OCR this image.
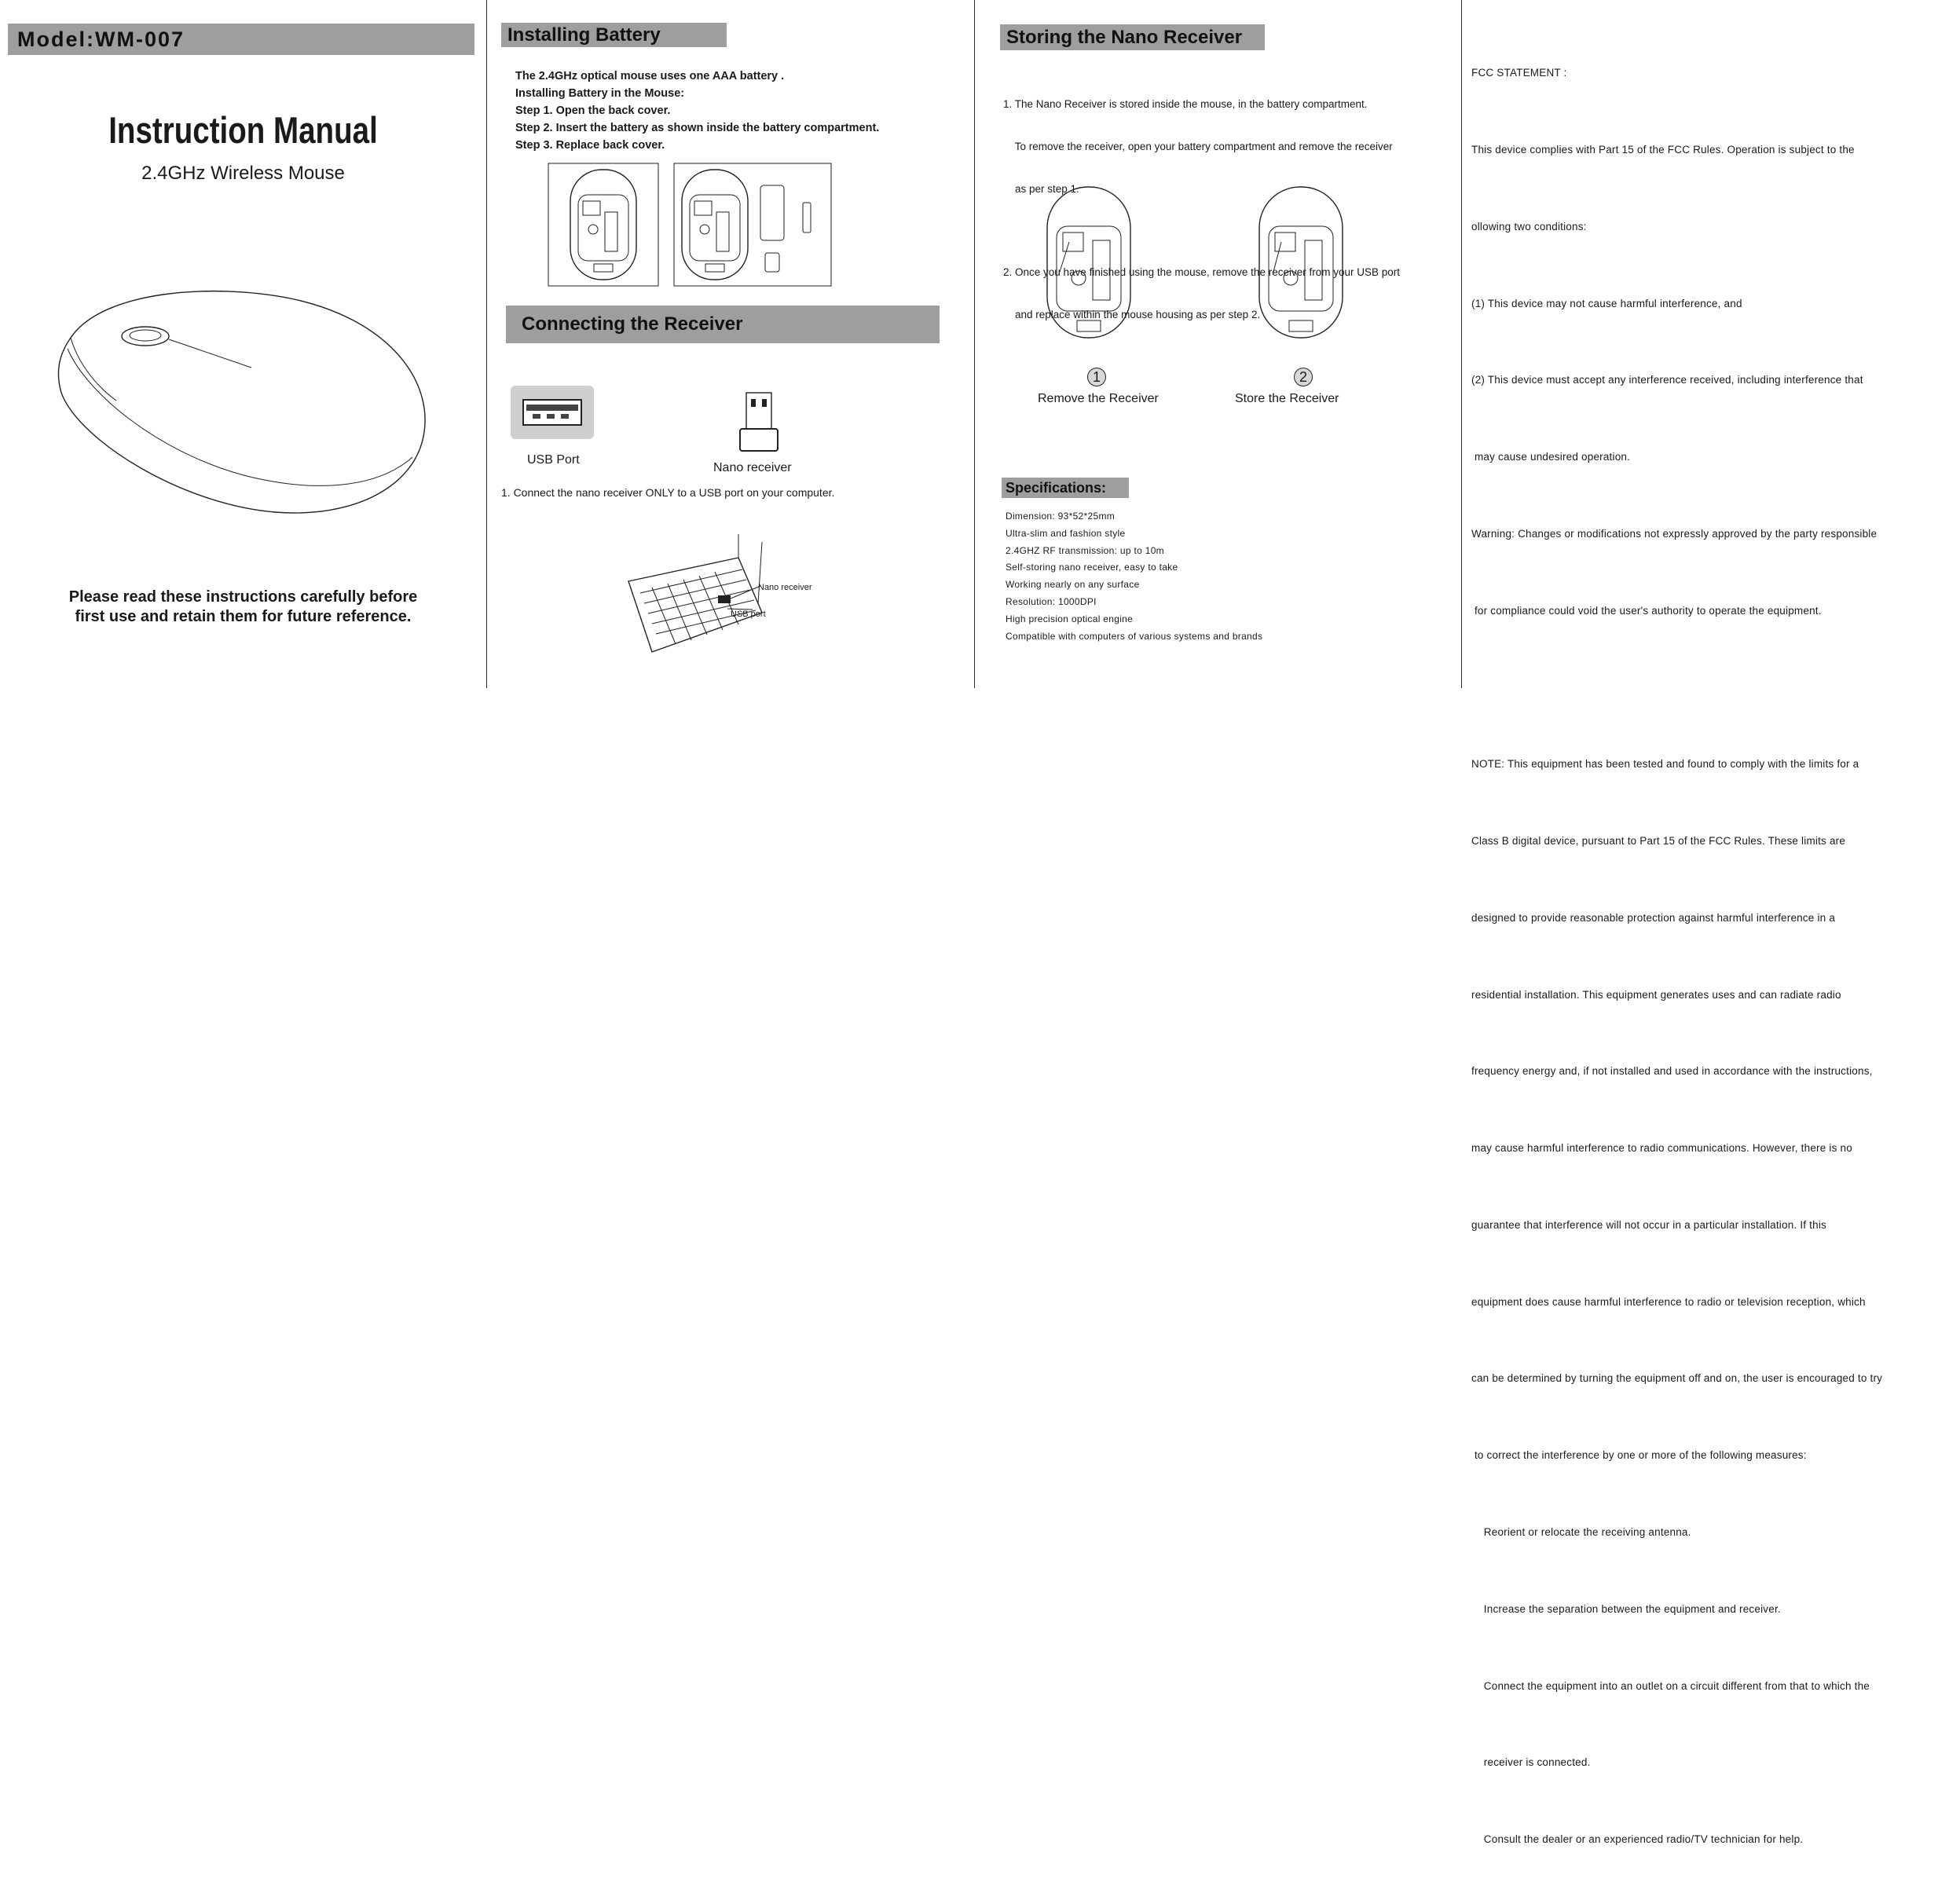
Model:WM-007
Instruction Manual
2.4GHz Wireless Mouse
Please read these instructions carefully before
first use and retain them for future reference.
Installing Battery
The 2.4GHz optical mouse uses one AAA battery .
Installing Battery in the Mouse:
Step 1. Open the back cover.
Step 2. Insert the battery as shown inside the battery compartment.
Step 3. Replace back cover.
Connecting the Receiver
USB Port
Nano receiver
1. Connect the nano receiver ONLY to a USB port on your computer.
Nano receiver
USB port
Storing the Nano Receiver

1. The Nano Receiver is stored inside the mouse, in the battery compartment.

To remove the receiver, open your battery compartment and remove the receiver

as per step 1.

2. Once you have finished using the mouse, remove the receiver from your USB port

and replace within the mouse housing as per step 2.

1
Remove the Receiver
2
Store the Receiver
Specifications:
Dimension: 93*52*25mm
Ultra-slim and fashion style
2.4GHZ RF transmission: up to 10m
Self-storing nano receiver, easy to take
Working nearly on any surface
Resolution: 1000DPI
High precision optical engine
Compatible with computers of various systems and brands

FCC STATEMENT :

This device complies with Part 15 of the FCC Rules. Operation is subject to the

ollowing two conditions:

(1) This device may not cause harmful interference, and

(2) This device must accept any interference received, including interference that

may cause undesired operation.

Warning: Changes or modifications not expressly approved by the party responsible

for compliance could void the user's authority to operate the equipment.

NOTE: This equipment has been tested and found to comply with the limits for a

Class B digital device, pursuant to Part 15 of the FCC Rules. These limits are

designed to provide reasonable protection against harmful interference in a

residential installation. This equipment generates uses and can radiate radio

frequency energy and, if not installed and used in accordance with the instructions,

may cause harmful interference to radio communications. However, there is no

guarantee that interference will not occur in a particular installation. If this

equipment does cause harmful interference to radio or television reception, which

can be determined by turning the equipment off and on, the user is encouraged to try

to correct the interference by one or more of the following measures:

Reorient or relocate the receiving antenna.

Increase the separation between the equipment and receiver.

Connect the equipment into an outlet on a circuit different from that to which the

receiver is connected.

Consult the dealer or an experienced radio/TV technician for help.
